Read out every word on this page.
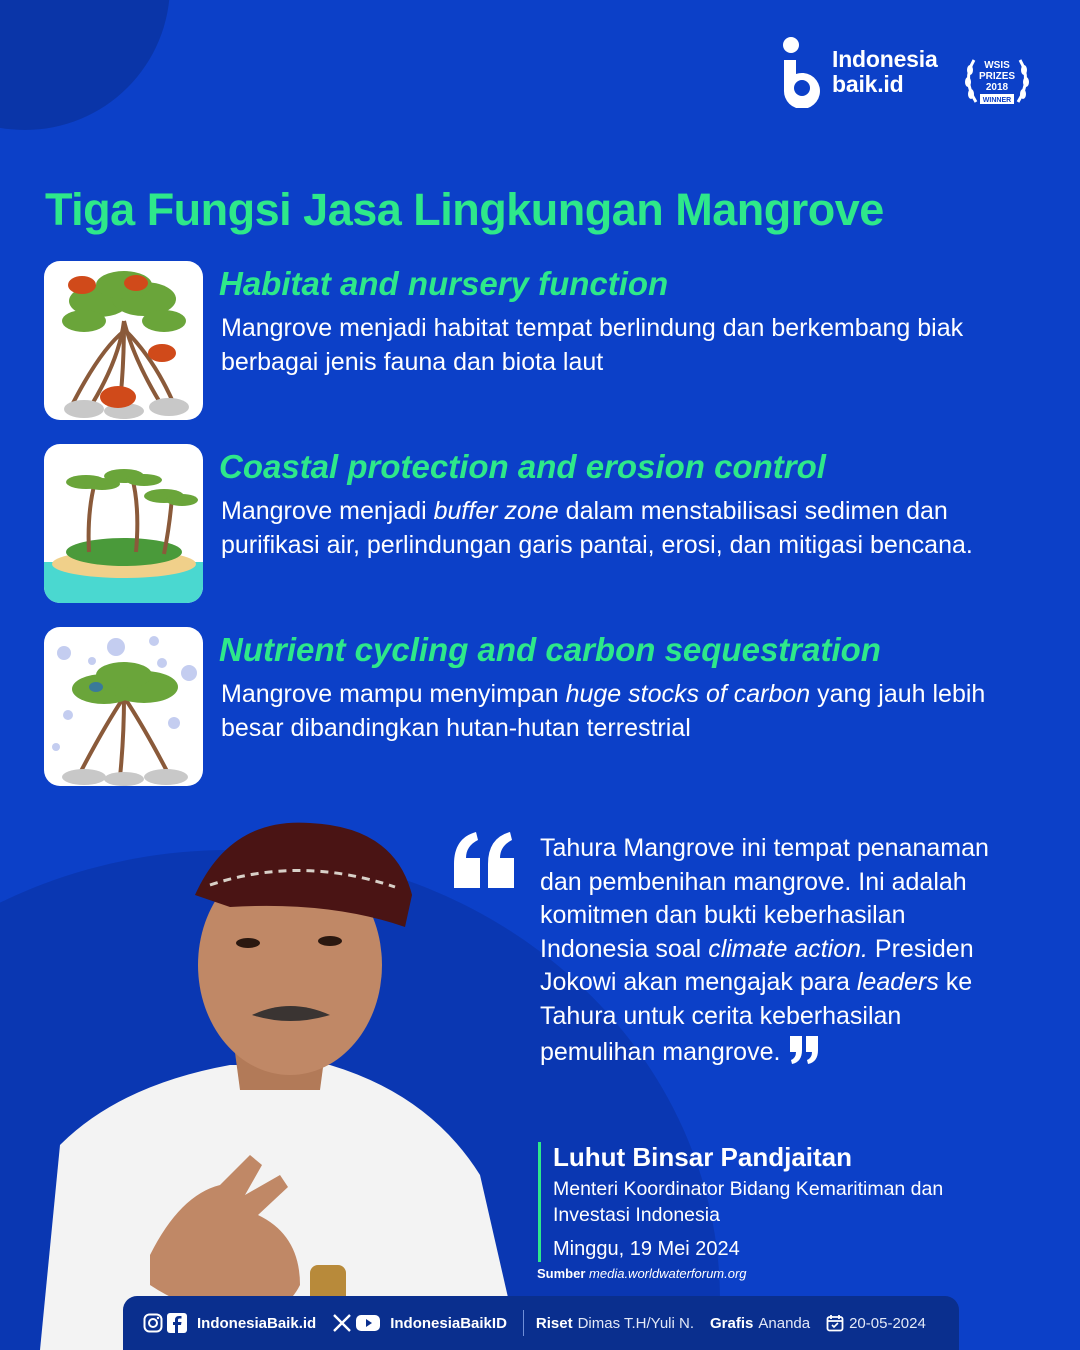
Indonesia
baik.id
WSIS
PRIZES
2018
WINNER
Tiga Fungsi Jasa Lingkungan Mangrove
Habitat and nursery function
Mangrove menjadi habitat tempat berlindung dan berkembang biak berbagai jenis fauna dan biota laut
Coastal protection and erosion control
Mangrove menjadi buffer zone dalam menstabilisasi sedimen dan purifikasi air, perlindungan garis pantai, erosi, dan mitigasi bencana.
Nutrient cycling and carbon sequestration
Mangrove mampu menyimpan huge stocks of carbon yang jauh lebih besar dibandingkan hutan-hutan terrestrial
Tahura Mangrove ini tempat penanaman dan pembenihan mangrove. Ini adalah komitmen dan bukti keberhasilan Indonesia soal climate action. Presiden Jokowi akan mengajak para leaders ke Tahura untuk cerita keberhasilan pemulihan mangrove.
Luhut Binsar Pandjaitan
Menteri Koordinator Bidang Kemaritiman dan Investasi Indonesia
Minggu, 19 Mei 2024
Sumber media.worldwaterforum.org
IndonesiaBaik.id	IndonesiaBaikID Riset Dimas T.H/Yuli N. Grafis Ananda	20-05-2024
